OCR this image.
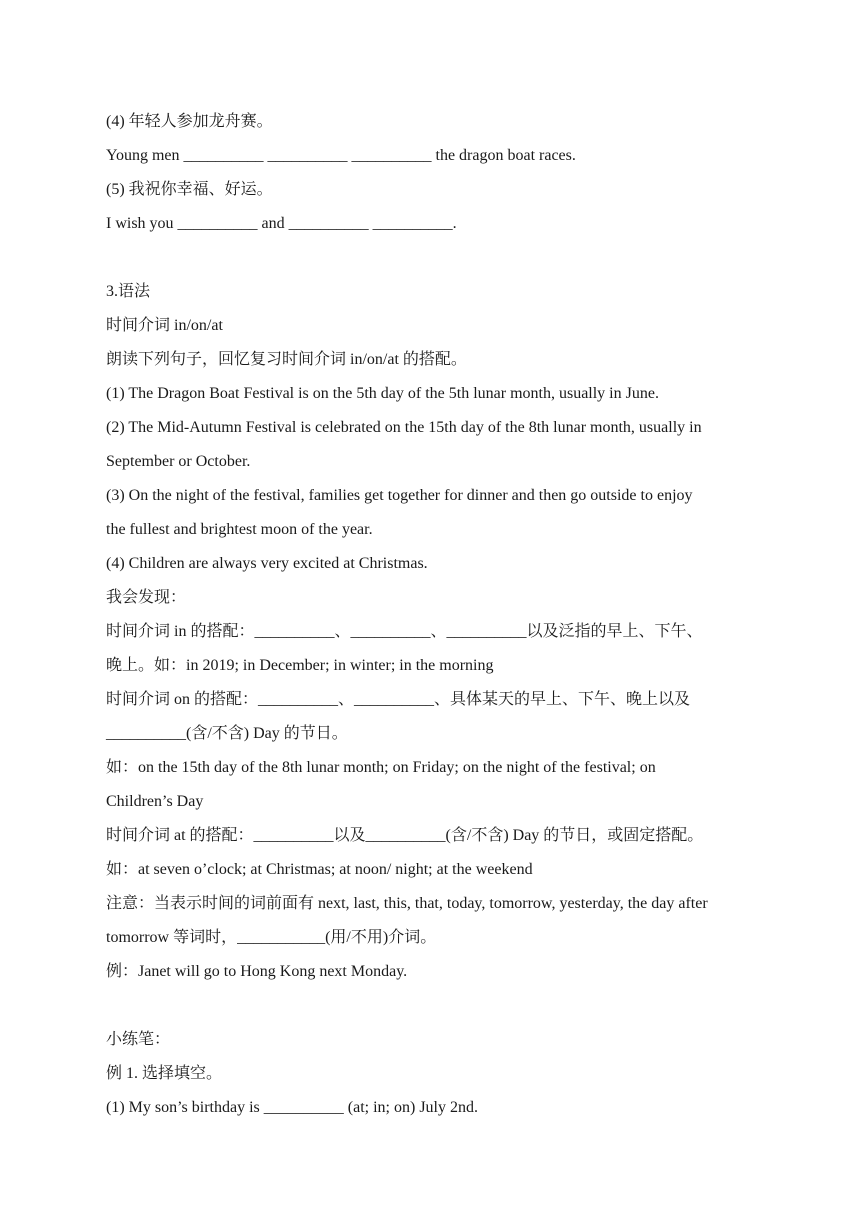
(4) 年轻人参加龙舟赛。
Young men __________ __________ __________ the dragon boat races.
(5) 我祝你幸福、好运。
I wish you __________ and __________ __________.
3.语法
时间介词 in/on/at
朗读下列句子，回忆复习时间介词 in/on/at 的搭配。
(1) The Dragon Boat Festival is on the 5th day of the 5th lunar month, usually in June.
(2) The Mid-Autumn Festival is celebrated on the 15th day of the 8th lunar month, usually in
September or October.
(3) On the night of the festival, families get together for dinner and then go outside to enjoy
the fullest and brightest moon of the year.
(4) Children are always very excited at Christmas.
我会发现：
时间介词 in 的搭配：__________、__________、__________以及泛指的早上、下午、
晚上。如：in 2019; in December; in winter; in the morning
时间介词 on 的搭配：__________、__________、具体某天的早上、下午、晚上以及
__________(含/不含) Day 的节日。
如：on the 15th day of the 8th lunar month; on Friday; on the night of the festival; on
Children’s Day
时间介词 at 的搭配：__________以及__________(含/不含) Day 的节日，或固定搭配。
如：at seven o’clock; at Christmas; at noon/ night; at the weekend
注意：当表示时间的词前面有 next, last, this, that, today, tomorrow, yesterday, the day after
tomorrow 等词时，___________(用/不用)介词。
例：Janet will go to Hong Kong next Monday.
小练笔：
例 1. 选择填空。
(1) My son’s birthday is __________ (at; in; on) July 2nd.
